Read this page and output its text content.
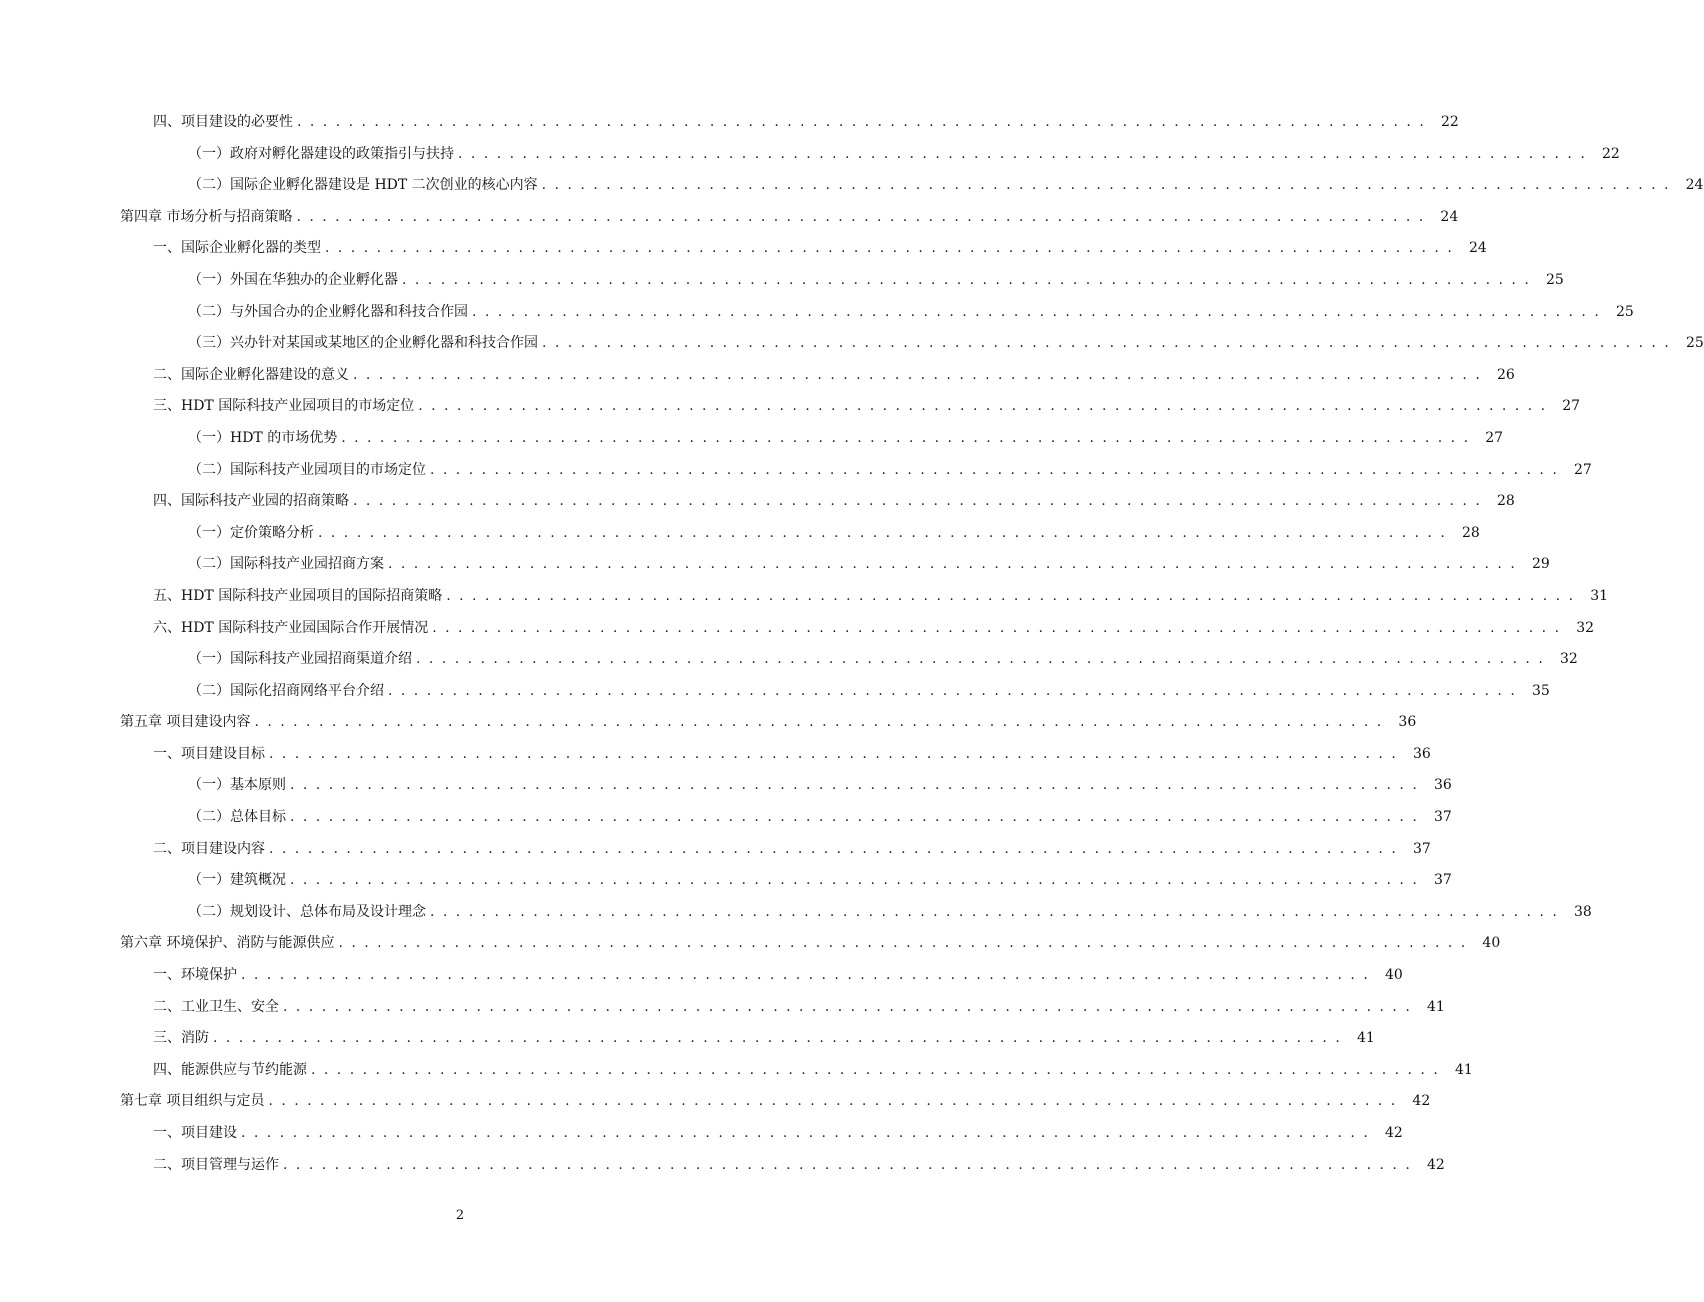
四、项目建设的必要性 . . . . . . . . . . . . . . . . . . . . . . . . . . . . . . . . . . . . . . . . . . . . . . . . . . . . . . . . . . . . . . . . . . . . . . . . . . . . . . . . . . . . . . . .	22
（一）政府对孵化器建设的政策指引与扶持 . . . . . . . . . . . . . . . . . . . . . . . . . . . . . . . . . . . . . . . . . . . . . . . . . . . . . . . . . . . . . . . . . . . . . . . . . . . . . . . . . . . . . . . .	22
（二）国际企业孵化器建设是 HDT 二次创业的核心内容 . . . . . . . . . . . . . . . . . . . . . . . . . . . . . . . . . . . . . . . . . . . . . . . . . . . . . . . . . . . . . . . . . . . . . . . . . . . . . . . . . . . . . . . .	24
第四章 市场分析与招商策略 . . . . . . . . . . . . . . . . . . . . . . . . . . . . . . . . . . . . . . . . . . . . . . . . . . . . . . . . . . . . . . . . . . . . . . . . . . . . . . . . . . . . . . . .	24
一、国际企业孵化器的类型 . . . . . . . . . . . . . . . . . . . . . . . . . . . . . . . . . . . . . . . . . . . . . . . . . . . . . . . . . . . . . . . . . . . . . . . . . . . . . . . . . . . . . . . .	24
（一）外国在华独办的企业孵化器 . . . . . . . . . . . . . . . . . . . . . . . . . . . . . . . . . . . . . . . . . . . . . . . . . . . . . . . . . . . . . . . . . . . . . . . . . . . . . . . . . . . . . . . .	25
（二）与外国合办的企业孵化器和科技合作园 . . . . . . . . . . . . . . . . . . . . . . . . . . . . . . . . . . . . . . . . . . . . . . . . . . . . . . . . . . . . . . . . . . . . . . . . . . . . . . . . . . . . . . . .	25
（三）兴办针对某国或某地区的企业孵化器和科技合作园 . . . . . . . . . . . . . . . . . . . . . . . . . . . . . . . . . . . . . . . . . . . . . . . . . . . . . . . . . . . . . . . . . . . . . . . . . . . . . . . . . . . . . . . .	25
二、国际企业孵化器建设的意义 . . . . . . . . . . . . . . . . . . . . . . . . . . . . . . . . . . . . . . . . . . . . . . . . . . . . . . . . . . . . . . . . . . . . . . . . . . . . . . . . . . . . . . . .	26
三、HDT 国际科技产业园项目的市场定位 . . . . . . . . . . . . . . . . . . . . . . . . . . . . . . . . . . . . . . . . . . . . . . . . . . . . . . . . . . . . . . . . . . . . . . . . . . . . . . . . . . . . . . . .	27
（一）HDT 的市场优势 . . . . . . . . . . . . . . . . . . . . . . . . . . . . . . . . . . . . . . . . . . . . . . . . . . . . . . . . . . . . . . . . . . . . . . . . . . . . . . . . . . . . . . . .	27
（二）国际科技产业园项目的市场定位 . . . . . . . . . . . . . . . . . . . . . . . . . . . . . . . . . . . . . . . . . . . . . . . . . . . . . . . . . . . . . . . . . . . . . . . . . . . . . . . . . . . . . . . .	27
四、国际科技产业园的招商策略 . . . . . . . . . . . . . . . . . . . . . . . . . . . . . . . . . . . . . . . . . . . . . . . . . . . . . . . . . . . . . . . . . . . . . . . . . . . . . . . . . . . . . . . .	28
（一）定价策略分析 . . . . . . . . . . . . . . . . . . . . . . . . . . . . . . . . . . . . . . . . . . . . . . . . . . . . . . . . . . . . . . . . . . . . . . . . . . . . . . . . . . . . . . . .	28
（二）国际科技产业园招商方案 . . . . . . . . . . . . . . . . . . . . . . . . . . . . . . . . . . . . . . . . . . . . . . . . . . . . . . . . . . . . . . . . . . . . . . . . . . . . . . . . . . . . . . . .	29
五、HDT 国际科技产业园项目的国际招商策略 . . . . . . . . . . . . . . . . . . . . . . . . . . . . . . . . . . . . . . . . . . . . . . . . . . . . . . . . . . . . . . . . . . . . . . . . . . . . . . . . . . . . . . . .	31
六、HDT 国际科技产业园国际合作开展情况 . . . . . . . . . . . . . . . . . . . . . . . . . . . . . . . . . . . . . . . . . . . . . . . . . . . . . . . . . . . . . . . . . . . . . . . . . . . . . . . . . . . . . . . .	32
（一）国际科技产业园招商渠道介绍 . . . . . . . . . . . . . . . . . . . . . . . . . . . . . . . . . . . . . . . . . . . . . . . . . . . . . . . . . . . . . . . . . . . . . . . . . . . . . . . . . . . . . . . .	32
（二）国际化招商网络平台介绍 . . . . . . . . . . . . . . . . . . . . . . . . . . . . . . . . . . . . . . . . . . . . . . . . . . . . . . . . . . . . . . . . . . . . . . . . . . . . . . . . . . . . . . . .	35
第五章 项目建设内容 . . . . . . . . . . . . . . . . . . . . . . . . . . . . . . . . . . . . . . . . . . . . . . . . . . . . . . . . . . . . . . . . . . . . . . . . . . . . . . . . . . . . . . . .	36
一、项目建设目标 . . . . . . . . . . . . . . . . . . . . . . . . . . . . . . . . . . . . . . . . . . . . . . . . . . . . . . . . . . . . . . . . . . . . . . . . . . . . . . . . . . . . . . . .	36
（一）基本原则 . . . . . . . . . . . . . . . . . . . . . . . . . . . . . . . . . . . . . . . . . . . . . . . . . . . . . . . . . . . . . . . . . . . . . . . . . . . . . . . . . . . . . . . .	36
（二）总体目标 . . . . . . . . . . . . . . . . . . . . . . . . . . . . . . . . . . . . . . . . . . . . . . . . . . . . . . . . . . . . . . . . . . . . . . . . . . . . . . . . . . . . . . . .	37
二、项目建设内容 . . . . . . . . . . . . . . . . . . . . . . . . . . . . . . . . . . . . . . . . . . . . . . . . . . . . . . . . . . . . . . . . . . . . . . . . . . . . . . . . . . . . . . . .	37
（一）建筑概况 . . . . . . . . . . . . . . . . . . . . . . . . . . . . . . . . . . . . . . . . . . . . . . . . . . . . . . . . . . . . . . . . . . . . . . . . . . . . . . . . . . . . . . . .	37
（二）规划设计、总体布局及设计理念 . . . . . . . . . . . . . . . . . . . . . . . . . . . . . . . . . . . . . . . . . . . . . . . . . . . . . . . . . . . . . . . . . . . . . . . . . . . . . . . . . . . . . . . .	38
第六章 环境保护、消防与能源供应 . . . . . . . . . . . . . . . . . . . . . . . . . . . . . . . . . . . . . . . . . . . . . . . . . . . . . . . . . . . . . . . . . . . . . . . . . . . . . . . . . . . . . . . .	40
一、环境保护 . . . . . . . . . . . . . . . . . . . . . . . . . . . . . . . . . . . . . . . . . . . . . . . . . . . . . . . . . . . . . . . . . . . . . . . . . . . . . . . . . . . . . . . .	40
二、工业卫生、安全 . . . . . . . . . . . . . . . . . . . . . . . . . . . . . . . . . . . . . . . . . . . . . . . . . . . . . . . . . . . . . . . . . . . . . . . . . . . . . . . . . . . . . . . .	41
三、消防 . . . . . . . . . . . . . . . . . . . . . . . . . . . . . . . . . . . . . . . . . . . . . . . . . . . . . . . . . . . . . . . . . . . . . . . . . . . . . . . . . . . . . . . .	41
四、能源供应与节约能源 . . . . . . . . . . . . . . . . . . . . . . . . . . . . . . . . . . . . . . . . . . . . . . . . . . . . . . . . . . . . . . . . . . . . . . . . . . . . . . . . . . . . . . . .	41
第七章 项目组织与定员 . . . . . . . . . . . . . . . . . . . . . . . . . . . . . . . . . . . . . . . . . . . . . . . . . . . . . . . . . . . . . . . . . . . . . . . . . . . . . . . . . . . . . . . .	42
一、项目建设 . . . . . . . . . . . . . . . . . . . . . . . . . . . . . . . . . . . . . . . . . . . . . . . . . . . . . . . . . . . . . . . . . . . . . . . . . . . . . . . . . . . . . . . .	42
二、项目管理与运作 . . . . . . . . . . . . . . . . . . . . . . . . . . . . . . . . . . . . . . . . . . . . . . . . . . . . . . . . . . . . . . . . . . . . . . . . . . . . . . . . . . . . . . . .	42
2
